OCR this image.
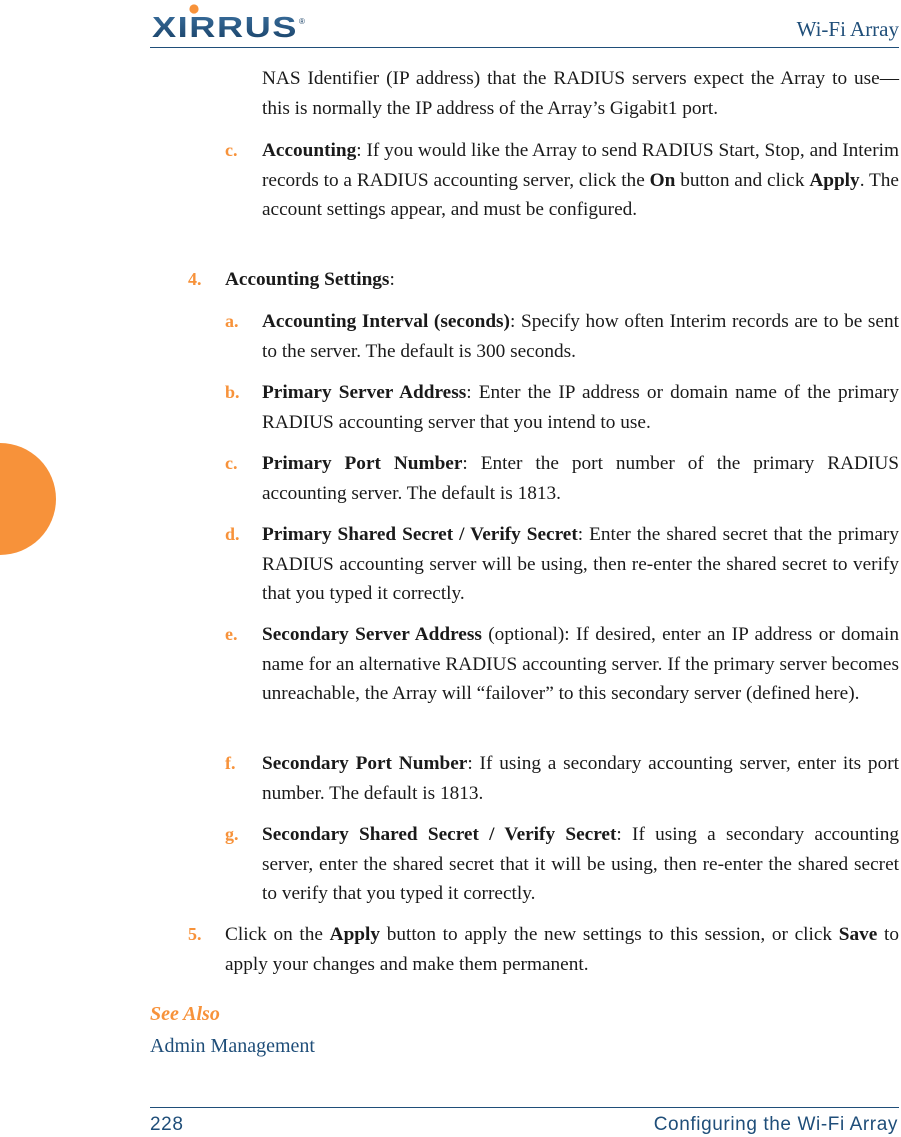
XIRRUS ®	Wi-Fi Array

NAS Identifier (IP address) that the RADIUS servers expect the Array to use—this is normally the IP address of the Array’s Gigabit1 port.

c. Accounting: If you would like the Array to send RADIUS Start, Stop, and Interim records to a RADIUS accounting server, click the On button and click Apply. The account settings appear, and must be configured.

4. Accounting Settings:

a. Accounting Interval (seconds): Specify how often Interim records are to be sent to the server. The default is 300 seconds.

b. Primary Server Address: Enter the IP address or domain name of the primary RADIUS accounting server that you intend to use.

c. Primary Port Number: Enter the port number of the primary RADIUS accounting server. The default is 1813.

d. Primary Shared Secret / Verify Secret: Enter the shared secret that the primary RADIUS accounting server will be using, then re-enter the shared secret to verify that you typed it correctly.

e. Secondary Server Address (optional): If desired, enter an IP address or domain name for an alternative RADIUS accounting server. If the primary server becomes unreachable, the Array will “failover” to this secondary server (defined here).

f. Secondary Port Number: If using a secondary accounting server, enter its port number. The default is 1813.

g. Secondary Shared Secret / Verify Secret: If using a secondary accounting server, enter the shared secret that it will be using, then re-enter the shared secret to verify that you typed it correctly.

5. Click on the Apply button to apply the new settings to this session, or click Save to apply your changes and make them permanent.

See Also
Admin Management
228	Configuring the Wi-Fi Array
